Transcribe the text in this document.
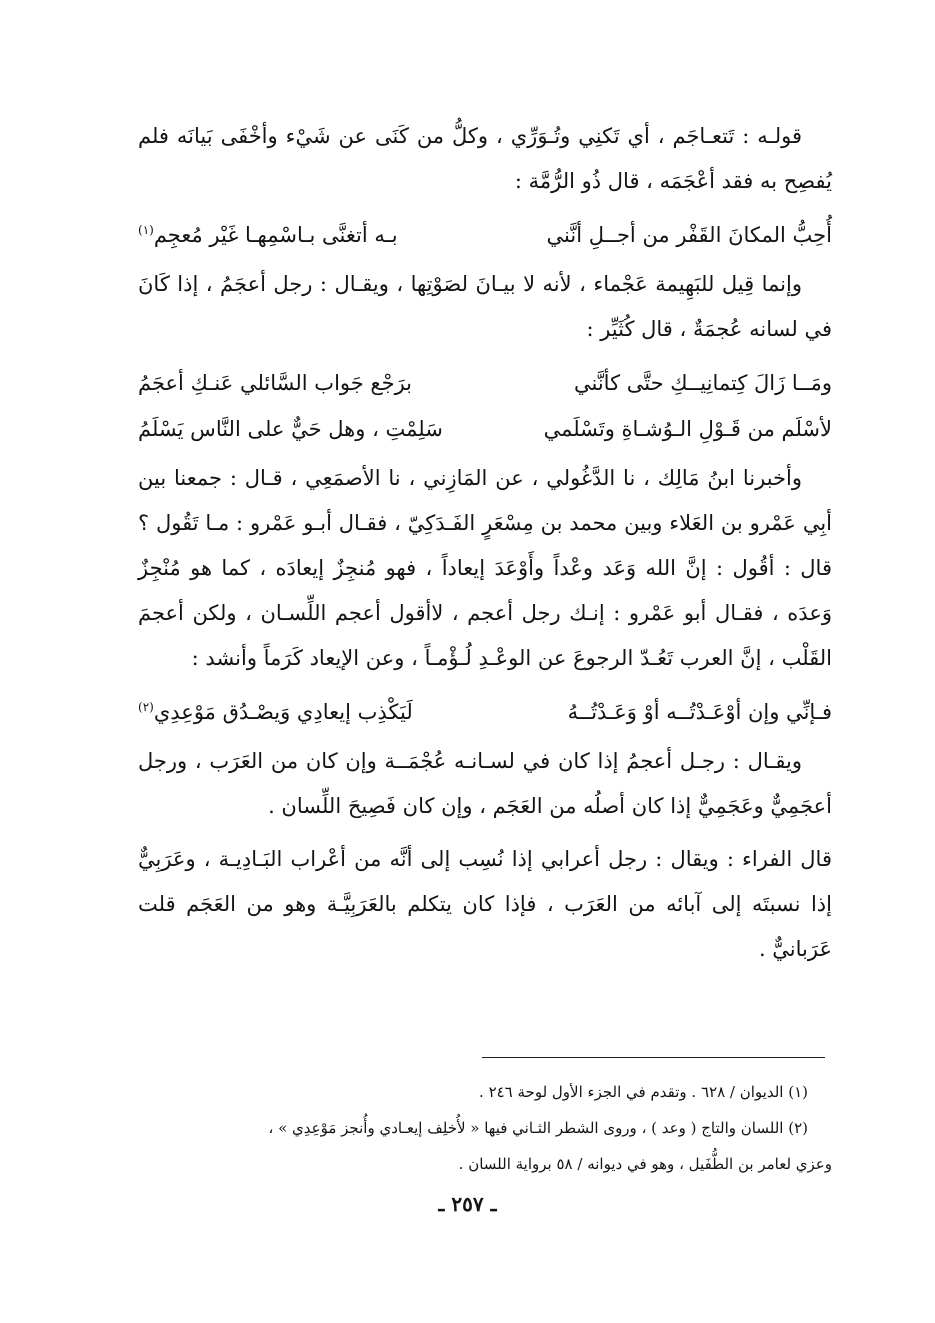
قولـه : تَتعـاجَم ، أي تَكنِي وتُـوَرِّي ، وكلُّ من كَنَى عن شَيْء وأخْفَى بَيانَه فلم يُفصِح به فقد أعْجَمَه ، قال ذُو الرُّمَّة :

أُحِبُّ المكانَ القَفْر من أجــلِ أنَّني
بـه أتغنَّى بـاسْمِهـا غَيْر مُعجِم$^{(١)}$

وإنما قِيل للبَهِيمة عَجْماء ، لأنه لا بيـانَ لصَوْتِها ، ويقـال : رجل أعجَمُ ، إذا كَانَ في لسانه عُجمَةٌ ، قال كُثَيِّر :

ومَــا زَالَ كِتمانِيــكِ حتَّى كأنَّني
برَجْع جَواب السَّائلي عَنـكِ أعجَمُ
لأسْلَم من قَـوْلِ الـوُشـاةِ وتَسْلَمي
سَلِمْتِ ، وهل حَيٌّ على النَّاس يَسْلَمُ

وأخبرنا ابنُ مَالِك ، نا الدَّغُولي ، عن المَازِني ، نا الأصمَعِي ، قـال : جمعنا بين أبِي عَمْرو بن العَلاء وبين محمد بن مِسْعَرٍ الفَـدَكِيّ ، فقـال أبـو عَمْرو : مـا تَقُول ؟ قال : أقُول : إنَّ الله وَعَد وعْداً وأَوْعَدَ إيعاداً ، فهو مُنجِزٌ إيعادَه ، كما هو مُنْجِزٌ وَعدَه ، فقـال أبو عَمْرو : إنـك رجل أعجم ، لاأقول أعجم اللِّسـان ، ولكن أعجمَ القَلْب ، إنَّ العرب تَعُـدّ الرجوعَ عن الوعْـدِ لُـؤْمـاً ، وعن الإيعاد كَرَماً وأنشد :

فـإنِّي وإن أوْعَـدْتُــه أوْ وَعَـدْتُــهُ
لَيَكْذِب إيعادِي وَيصْـدُق مَوْعِدِي$^{(٢)}$

ويقـال : رجـل أعجمُ إذا كان في لسـانـه عُجْمَــة وإن كان من العَرَب ، ورجل أعجَمِيٌّ وعَجَمِيٌّ إذا كان أصلُه من العَجَم ، وإن كان فَصِيحَ اللِّسان .

قال الفراء : ويقال : رجل أعرابي إذا نُسِب إلى أنَّه من أعْراب البَـادِيـة ، وعَرَبِيٌّ إذا نسبتَه إلى آبائه من العَرَب ، فإذا كان يتكلم بالعَرَبِيَّـة وهو من العَجَم قلت عَرَبانيٌّ .

(١) الديوان / ٦٢٨ . وتقدم في الجزء الأول لوحة ٢٤٦ .

(٢) اللسان والتاج ( وعد ) ، وروى الشطر الثـاني فيها « لأُخلِف إيعـادي وأُنجز مَوْعِدِي » ،

وعزي لعامر بن الطُّفَيل ، وهو في ديوانه / ٥٨ برواية اللسان .

ـ ٢٥٧ ـ
